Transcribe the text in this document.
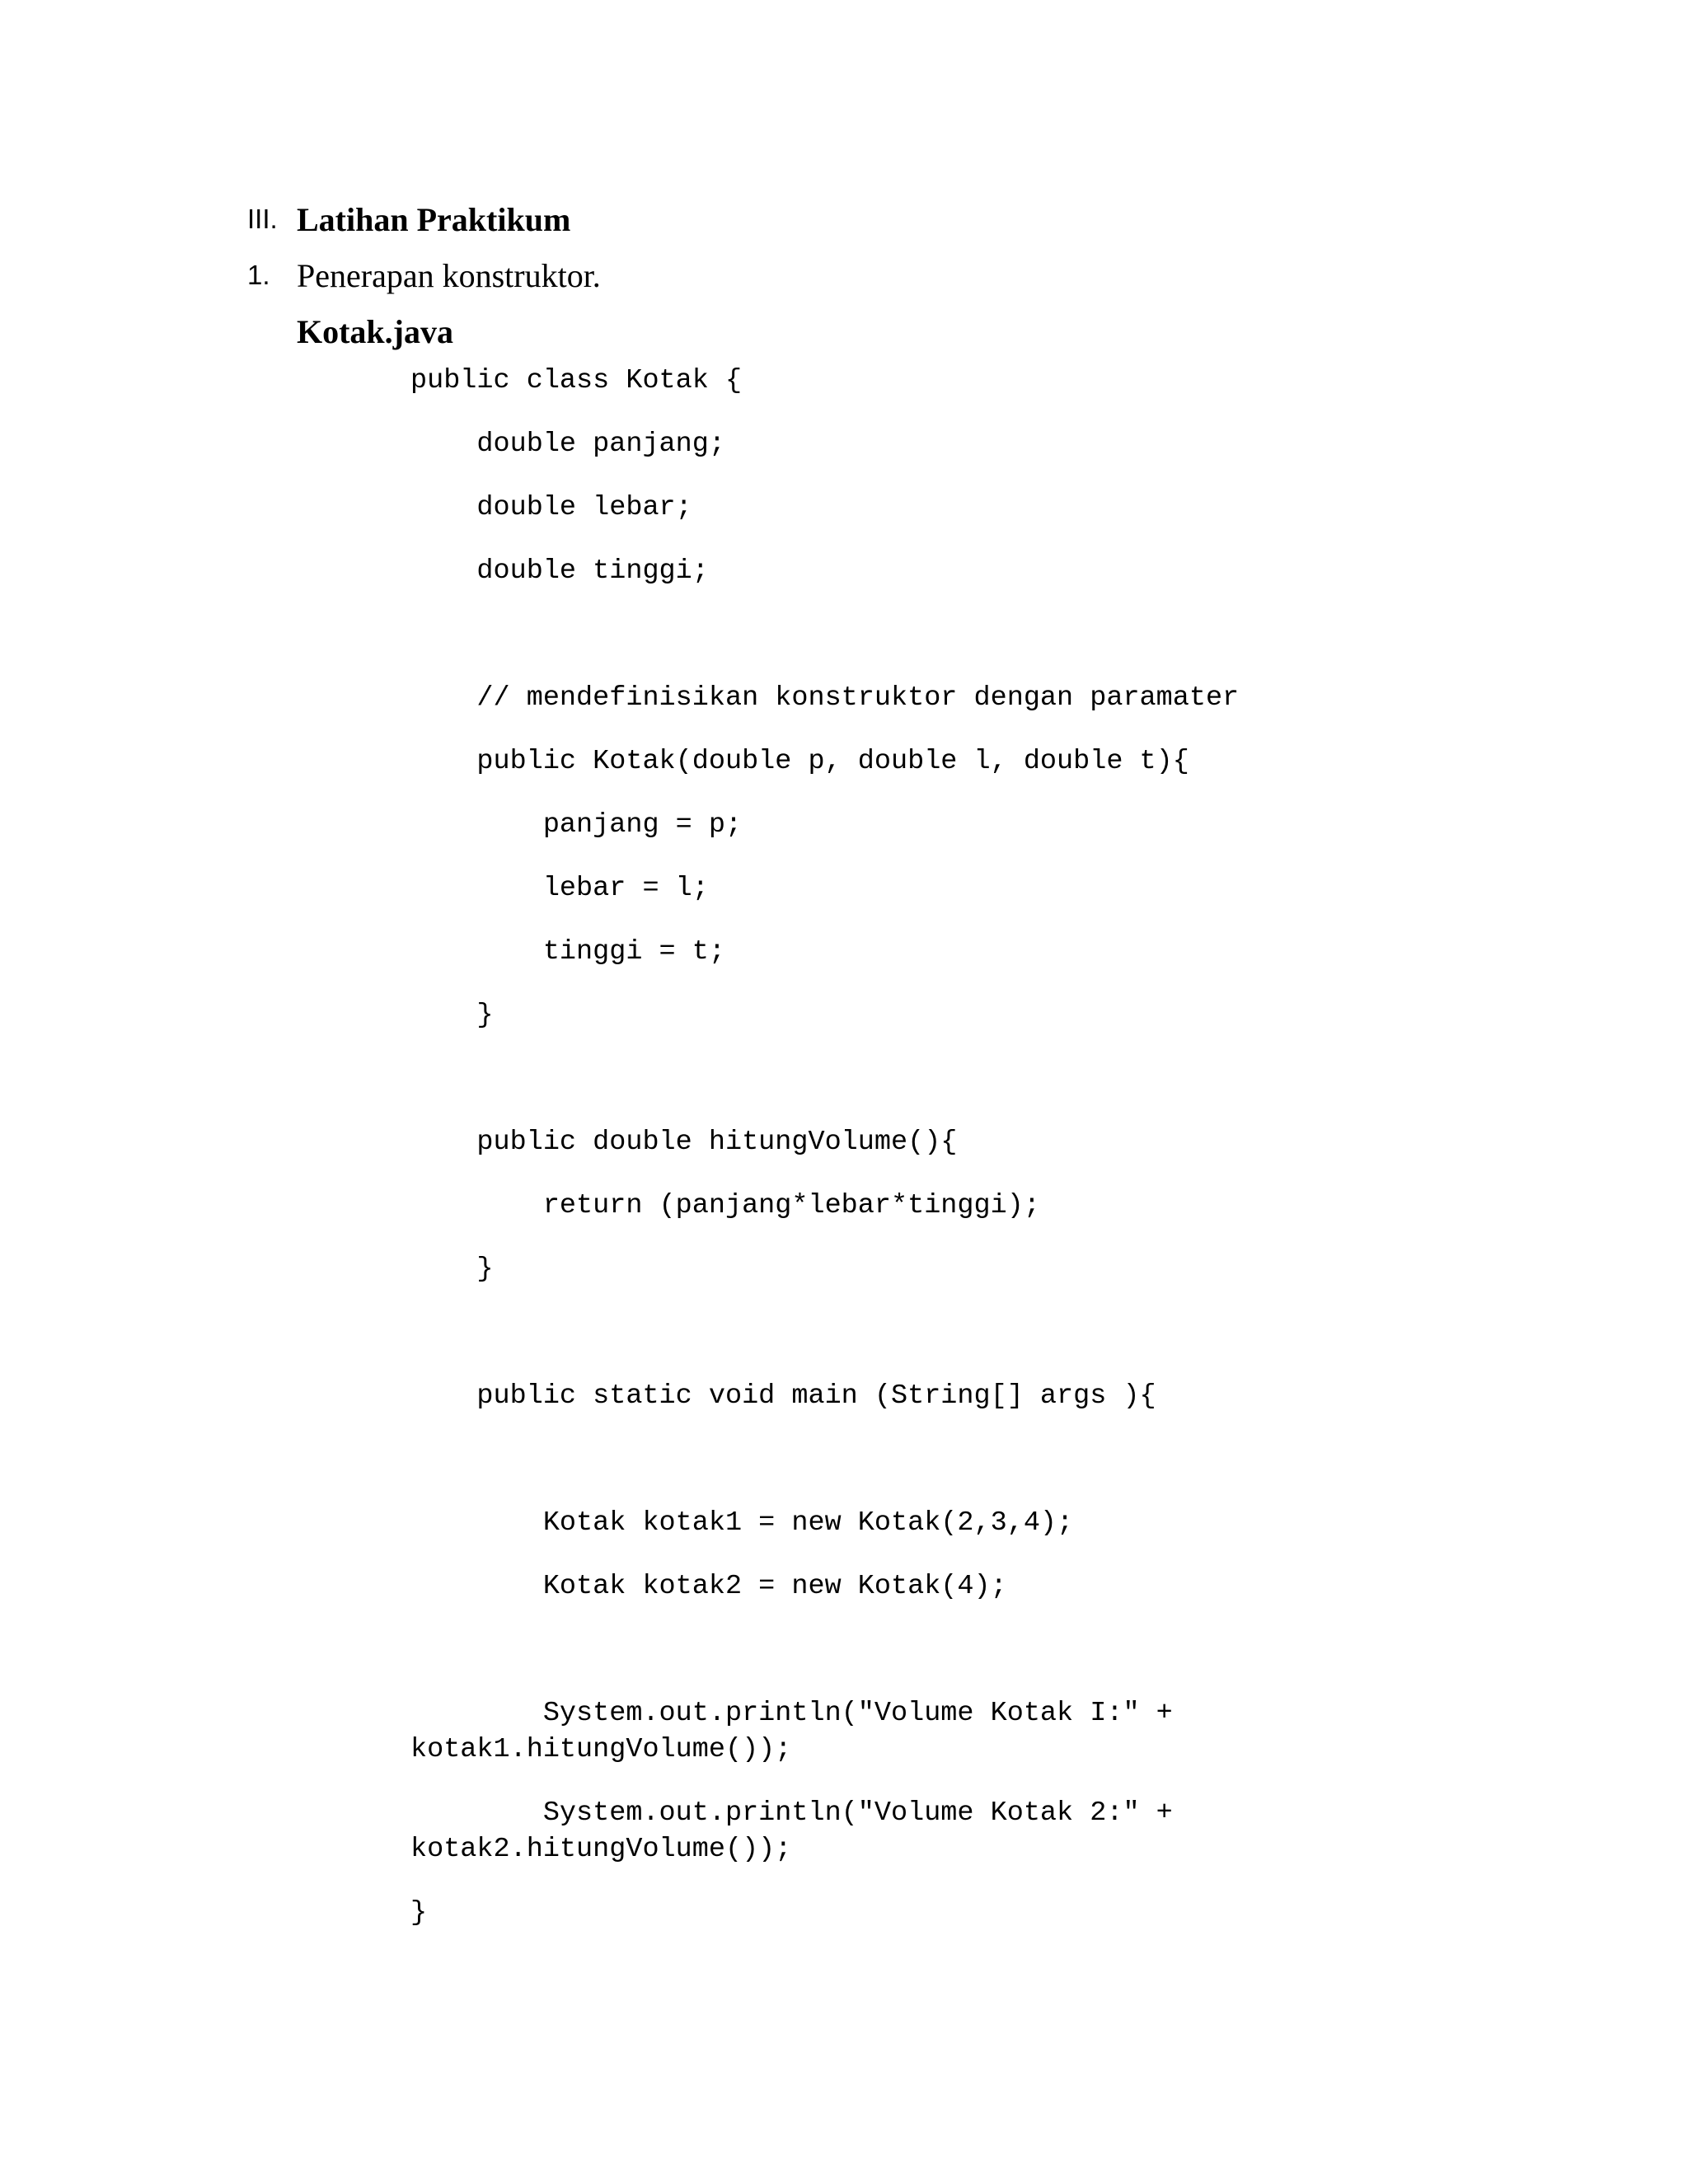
III. Latihan Praktikum
1. Penerapan konstruktor.
Kotak.java
public class Kotak {
double panjang;
double lebar;
double tinggi;
// mendefinisikan konstruktor dengan paramater
public Kotak(double p, double l, double t){
panjang = p;
lebar = l;
tinggi = t;
}
public double hitungVolume(){
return (panjang*lebar*tinggi);
}
public static void main (String[] args ){
Kotak kotak1 = new Kotak(2,3,4);
Kotak kotak2 = new Kotak(4);
System.out.println("Volume Kotak I:" +
kotak1.hitungVolume());
System.out.println("Volume Kotak 2:" +
kotak2.hitungVolume());
}
